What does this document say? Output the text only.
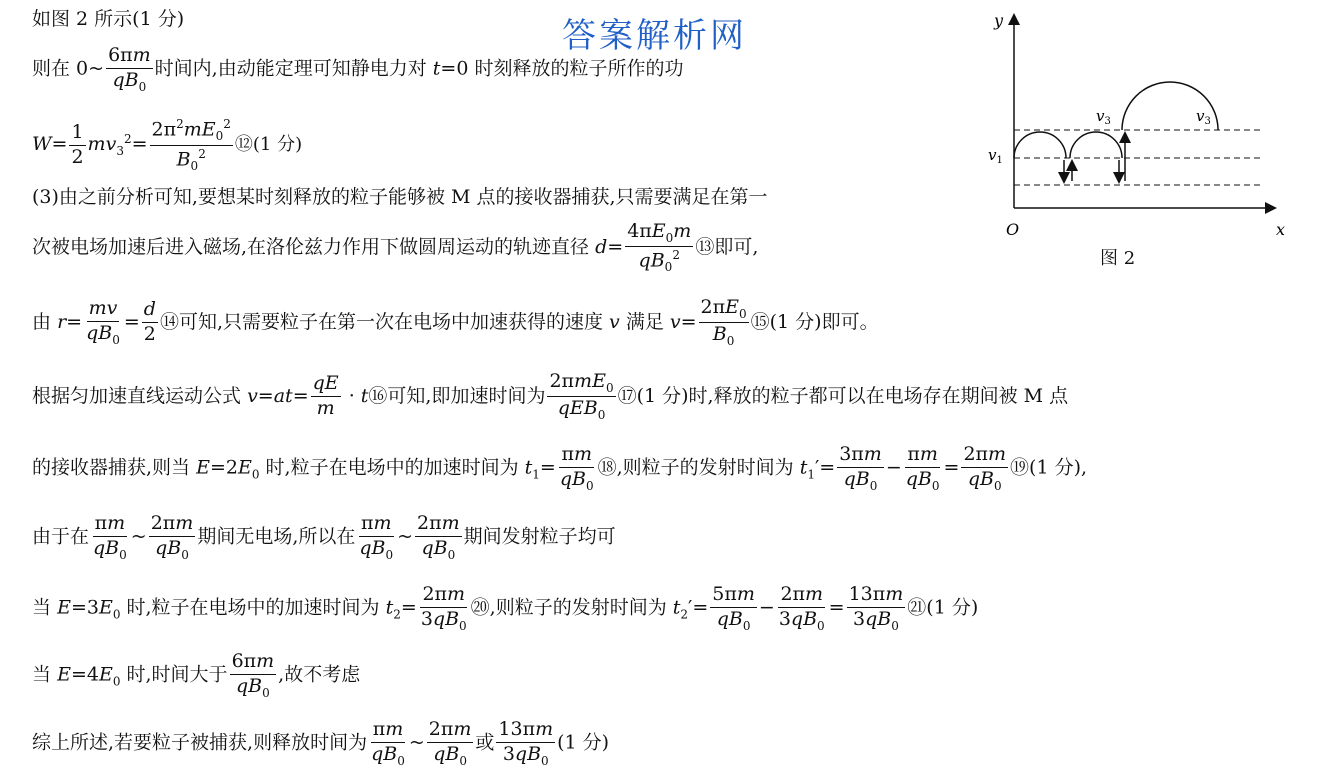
答案解析网
如图 2 所示(1 分)
则在 0~ $\frac{6\pi m}{qB_0}$ 时间内,由动能定理可知静电力对 t=0 时刻释放的粒子所作的功
$W= \frac{1}{2} mv_3^2= \frac{2\pi^2mE_0^2}{B_0^2}$ ⑫(1 分)
(3)由之前分析可知,要想某时刻释放的粒子能够被 M 点的接收器捕获,只需要满足在第一
次被电场加速后进入磁场,在洛伦兹力作用下做圆周运动的轨迹直径 $d= \frac{4\pi E_0m}{qB_0^2}$ ⑬即可,
由 $r= \frac{mv}{qB_0} = \frac{d}{2}$ ⑭可知,只需要粒子在第一次在电场中加速获得的速度 v 满足 $v= \frac{2\pi E_0}{B_0}$ ⑮(1 分)即可。
根据匀加速直线运动公式 $v=at= \frac{qE}{m}$ · t⑯可知,即加速时间为 $\frac{2\pi mE_0}{qEB_0}$ ⑰(1 分)时,释放的粒子都可以在电场存在期间被 M 点
的接收器捕获,则当 $E=2E_0$ 时,粒子在电场中的加速时间为 $t_1= \frac{\pi m}{qB_0}$ ⑱,则粒子的发射时间为 $t_1'= \frac{3\pi m}{qB_0} - \frac{\pi m}{qB_0} = \frac{2\pi m}{qB_0}$ ⑲(1 分),
由于在 $\frac{\pi m}{qB_0}$ ~ $\frac{2\pi m}{qB_0}$ 期间无电场,所以在 $\frac{\pi m}{qB_0}$ ~ $\frac{2\pi m}{qB_0}$ 期间发射粒子均可
当 $E=3E_0$ 时,粒子在电场中的加速时间为 $t_2= \frac{2\pi m}{3qB_0}$ ⑳,则粒子的发射时间为 $t_2'= \frac{5\pi m}{qB_0} - \frac{2\pi m}{3qB_0} = \frac{13\pi m}{3qB_0}$ ㉑(1 分)
当 $E=4E_0$ 时,时间大于 $\frac{6\pi m}{qB_0}$ ,故不考虑
综上所述,若要粒子被捕获,则释放时间为 $\frac{\pi m}{qB_0}$ ~ $\frac{2\pi m}{qB_0}$ 或 $\frac{13\pi m}{3qB_0} (1$ 分)
y
x
O
$v_1$
$v_3$	$v_3$
图 2
